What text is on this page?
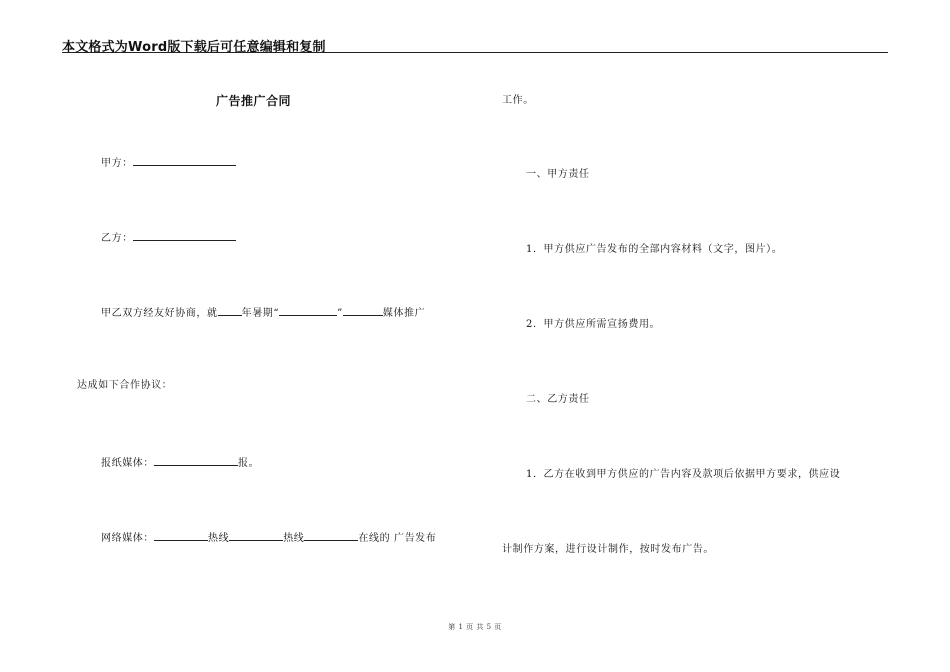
本文格式为Word版下载后可任意编辑和复制
广告推广合同
甲方：
乙方：
甲乙双方经友好协商，就 年暑期“	”	媒体推广
达成如下合作协议：
报纸媒体：	报。
网络媒体：	热线	热线	在线的 广告发布
工作。
一、甲方责任
1．甲方供应广告发布的全部内容材料（文字，图片）。
2．甲方供应所需宣扬费用。
二、乙方责任
1．乙方在收到甲方供应的广告内容及款项后依据甲方要求，供应设
计制作方案，进行设计制作，按时发布广告。
第 1 页 共 5 页
